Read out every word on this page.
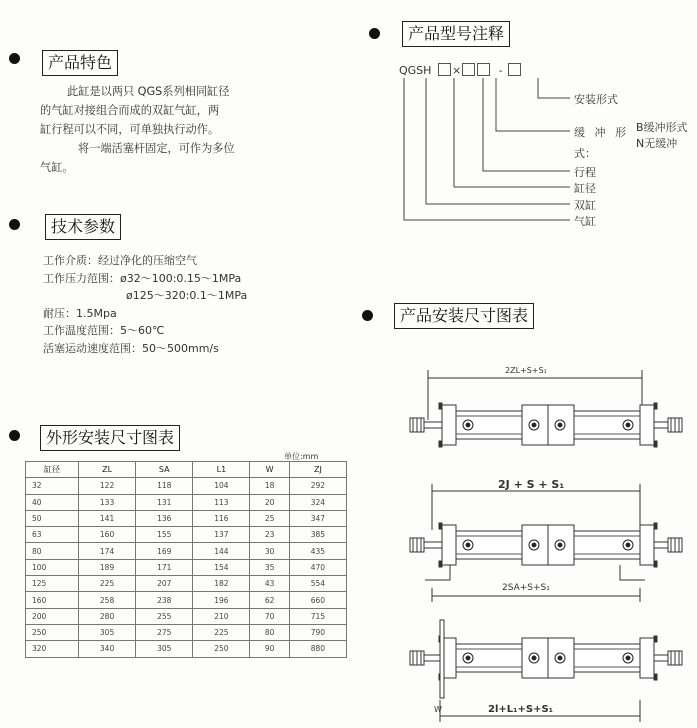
产品特色

此缸是以两只 QGS系列相同缸径

的气缸对接组合而成的双缸气缸，两

缸行程可以不同，可单独执行动作。

将一端活塞杆固定，可作为多位

气缸。

技术参数
工作介质：经过净化的压缩空气
工作压力范围：ø32～100:0.15～1MPa
ø125～320:0.1～1MPa
耐压：1.5Mpa
工作温度范围：5～60℃
活塞运动速度范围：50～500mm/s
外形安装尺寸图表
单位:mm
缸径	ZL	SA	L1	W	ZJ
32	122	118	104	18	292
40	133	131	113	20	324
50	141	136	116	25	347
63	160	155	137	23	385
80	174	169	144	30	435
100	189	171	154	35	470
125	225	207	182	43	554
160	258	238	196	62	660
200	280	255	210	70	715
250	305	275	225	80	790
320	340	305	250	90	880
产品型号注释
QGSH ×	-
安装形式
缓 冲 形
式：
B缓冲形式
N无缓冲
行程
缸径
双缸
气缸
产品安装尺寸图表
2ZL+S+S₁
2J + S + S₁
2SA+S+S₁
2l+L₁+S+S₁
W
